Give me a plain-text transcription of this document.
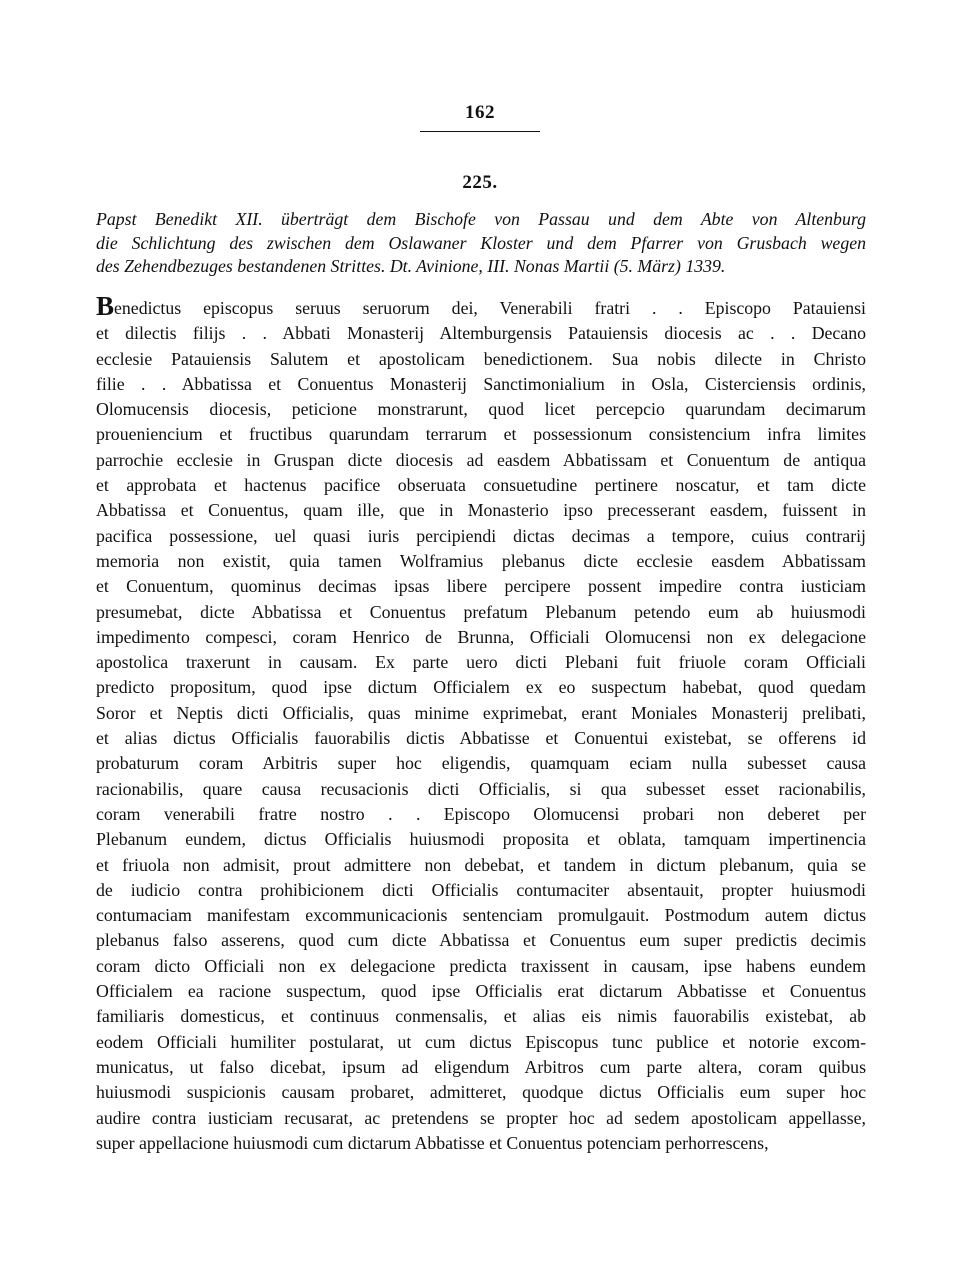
162
225.
Papst Benedikt XII. überträgt dem Bischofe von Passau und dem Abte von Altenburg
die Schlichtung des zwischen dem Oslawaner Kloster und dem Pfarrer von Grusbach wegen
des Zehendbezuges bestandenen Strittes. Dt. Avinione, III. Nonas Martii (5. März) 1339.
Benedictus episcopus seruus seruorum dei, Venerabili fratri . . Episcopo Patauiensi
et dilectis filijs . . Abbati Monasterij Altemburgensis Patauiensis diocesis ac . . Decano
ecclesie Patauiensis Salutem et apostolicam benedictionem. Sua nobis dilecte in Christo
filie . . Abbatissa et Conuentus Monasterij Sanctimonialium in Osla, Cisterciensis ordinis,
Olomucensis diocesis, peticione monstrarunt, quod licet percepcio quarundam decimarum
proueniencium et fructibus quarundam terrarum et possessionum consistencium infra limites
parrochie ecclesie in Gruspan dicte diocesis ad easdem Abbatissam et Conuentum de antiqua
et approbata et hactenus pacifice obseruata consuetudine pertinere noscatur, et tam dicte
Abbatissa et Conuentus, quam ille, que in Monasterio ipso precesserant easdem, fuissent in
pacifica possessione, uel quasi iuris percipiendi dictas decimas a tempore, cuius contrarij
memoria non existit, quia tamen Wolframius plebanus dicte ecclesie easdem Abbatissam
et Conuentum, quominus decimas ipsas libere percipere possent impedire contra iusticiam
presumebat, dicte Abbatissa et Conuentus prefatum Plebanum petendo eum ab huiusmodi
impedimento compesci, coram Henrico de Brunna, Officiali Olomucensi non ex delegacione
apostolica traxerunt in causam. Ex parte uero dicti Plebani fuit friuole coram Officiali
predicto propositum, quod ipse dictum Officialem ex eo suspectum habebat, quod quedam
Soror et Neptis dicti Officialis, quas minime exprimebat, erant Moniales Monasterij prelibati,
et alias dictus Officialis fauorabilis dictis Abbatisse et Conuentui existebat, se offerens id
probaturum coram Arbitris super hoc eligendis, quamquam eciam nulla subesset causa
racionabilis, quare causa recusacionis dicti Officialis, si qua subesset esset racionabilis,
coram venerabili fratre nostro . . Episcopo Olomucensi probari non deberet per
Plebanum eundem, dictus Officialis huiusmodi proposita et oblata, tamquam impertinencia
et friuola non admisit, prout admittere non debebat, et tandem in dictum plebanum, quia se
de iudicio contra prohibicionem dicti Officialis contumaciter absentauit, propter huiusmodi
contumaciam manifestam excommunicacionis sentenciam promulgauit. Postmodum autem dictus
plebanus falso asserens, quod cum dicte Abbatissa et Conuentus eum super predictis decimis
coram dicto Officiali non ex delegacione predicta traxissent in causam, ipse habens eundem
Officialem ea racione suspectum, quod ipse Officialis erat dictarum Abbatisse et Conuentus
familiaris domesticus, et continuus conmensalis, et alias eis nimis fauorabilis existebat, ab
eodem Officiali humiliter postularat, ut cum dictus Episcopus tunc publice et notorie excom-
municatus, ut falso dicebat, ipsum ad eligendum Arbitros cum parte altera, coram quibus
huiusmodi suspicionis causam probaret, admitteret, quodque dictus Officialis eum super hoc
audire contra iusticiam recusarat, ac pretendens se propter hoc ad sedem apostolicam appellasse,
super appellacione huiusmodi cum dictarum Abbatisse et Conuentus potenciam perhorrescens,
